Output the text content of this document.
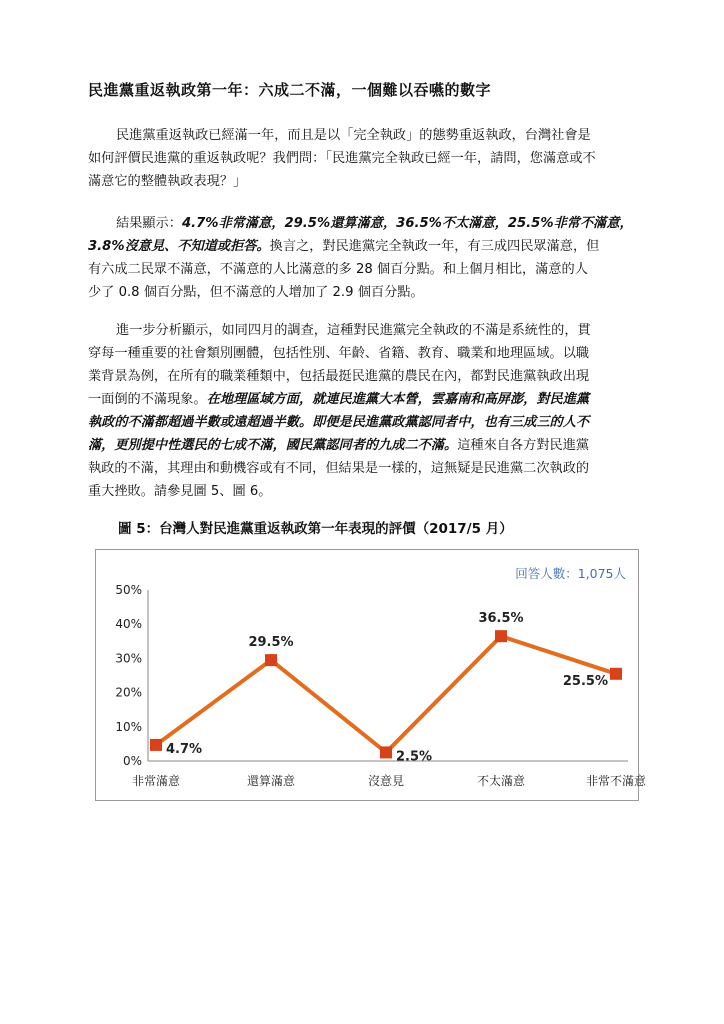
民進黨重返執政第一年：六成二不滿，一個難以吞嚥的數字
民進黨重返執政已經滿一年，而且是以「完全執政」的態勢重返執政，台灣社會是
如何評價民進黨的重返執政呢？我們問：「民進黨完全執政已經一年，請問，您滿意或不
滿意它的整體執政表現？」
結果顯示：4.7%非常滿意，29.5%還算滿意，36.5%不太滿意，25.5%非常不滿意，
3.8%沒意見、不知道或拒答。換言之，對民進黨完全執政一年，有三成四民眾滿意，但
有六成二民眾不滿意，不滿意的人比滿意的多 28 個百分點。和上個月相比，滿意的人
少了 0.8 個百分點，但不滿意的人增加了 2.9 個百分點。
進一步分析顯示，如同四月的調查，這種對民進黨完全執政的不滿是系統性的，貫
穿每一種重要的社會類別團體，包括性別、年齡、省籍、教育、職業和地理區域。以職
業背景為例，在所有的職業種類中，包括最挺民進黨的農民在內，都對民進黨執政出現
一面倒的不滿現象。在地理區域方面，就連民進黨大本營，雲嘉南和高屏澎，對民進黨
執政的不滿都超過半數或遠超過半數。即便是民進黨政黨認同者中，也有三成三的人不
滿，更別提中性選民的七成不滿，國民黨認同者的九成二不滿。這種來自各方對民進黨
執政的不滿，其理由和動機容或有不同，但結果是一樣的，這無疑是民進黨二次執政的
重大挫敗。請參見圖 5、圖 6。
圖 5：台灣人對民進黨重返執政第一年表現的評價（2017/5 月）
0%
10%
20%
30%
40%
50%
非常滿意	還算滿意	沒意見	不太滿意	非常不滿意
4.7%
29.5%
2.5%
36.5%
25.5%
回答人數：1,075人
